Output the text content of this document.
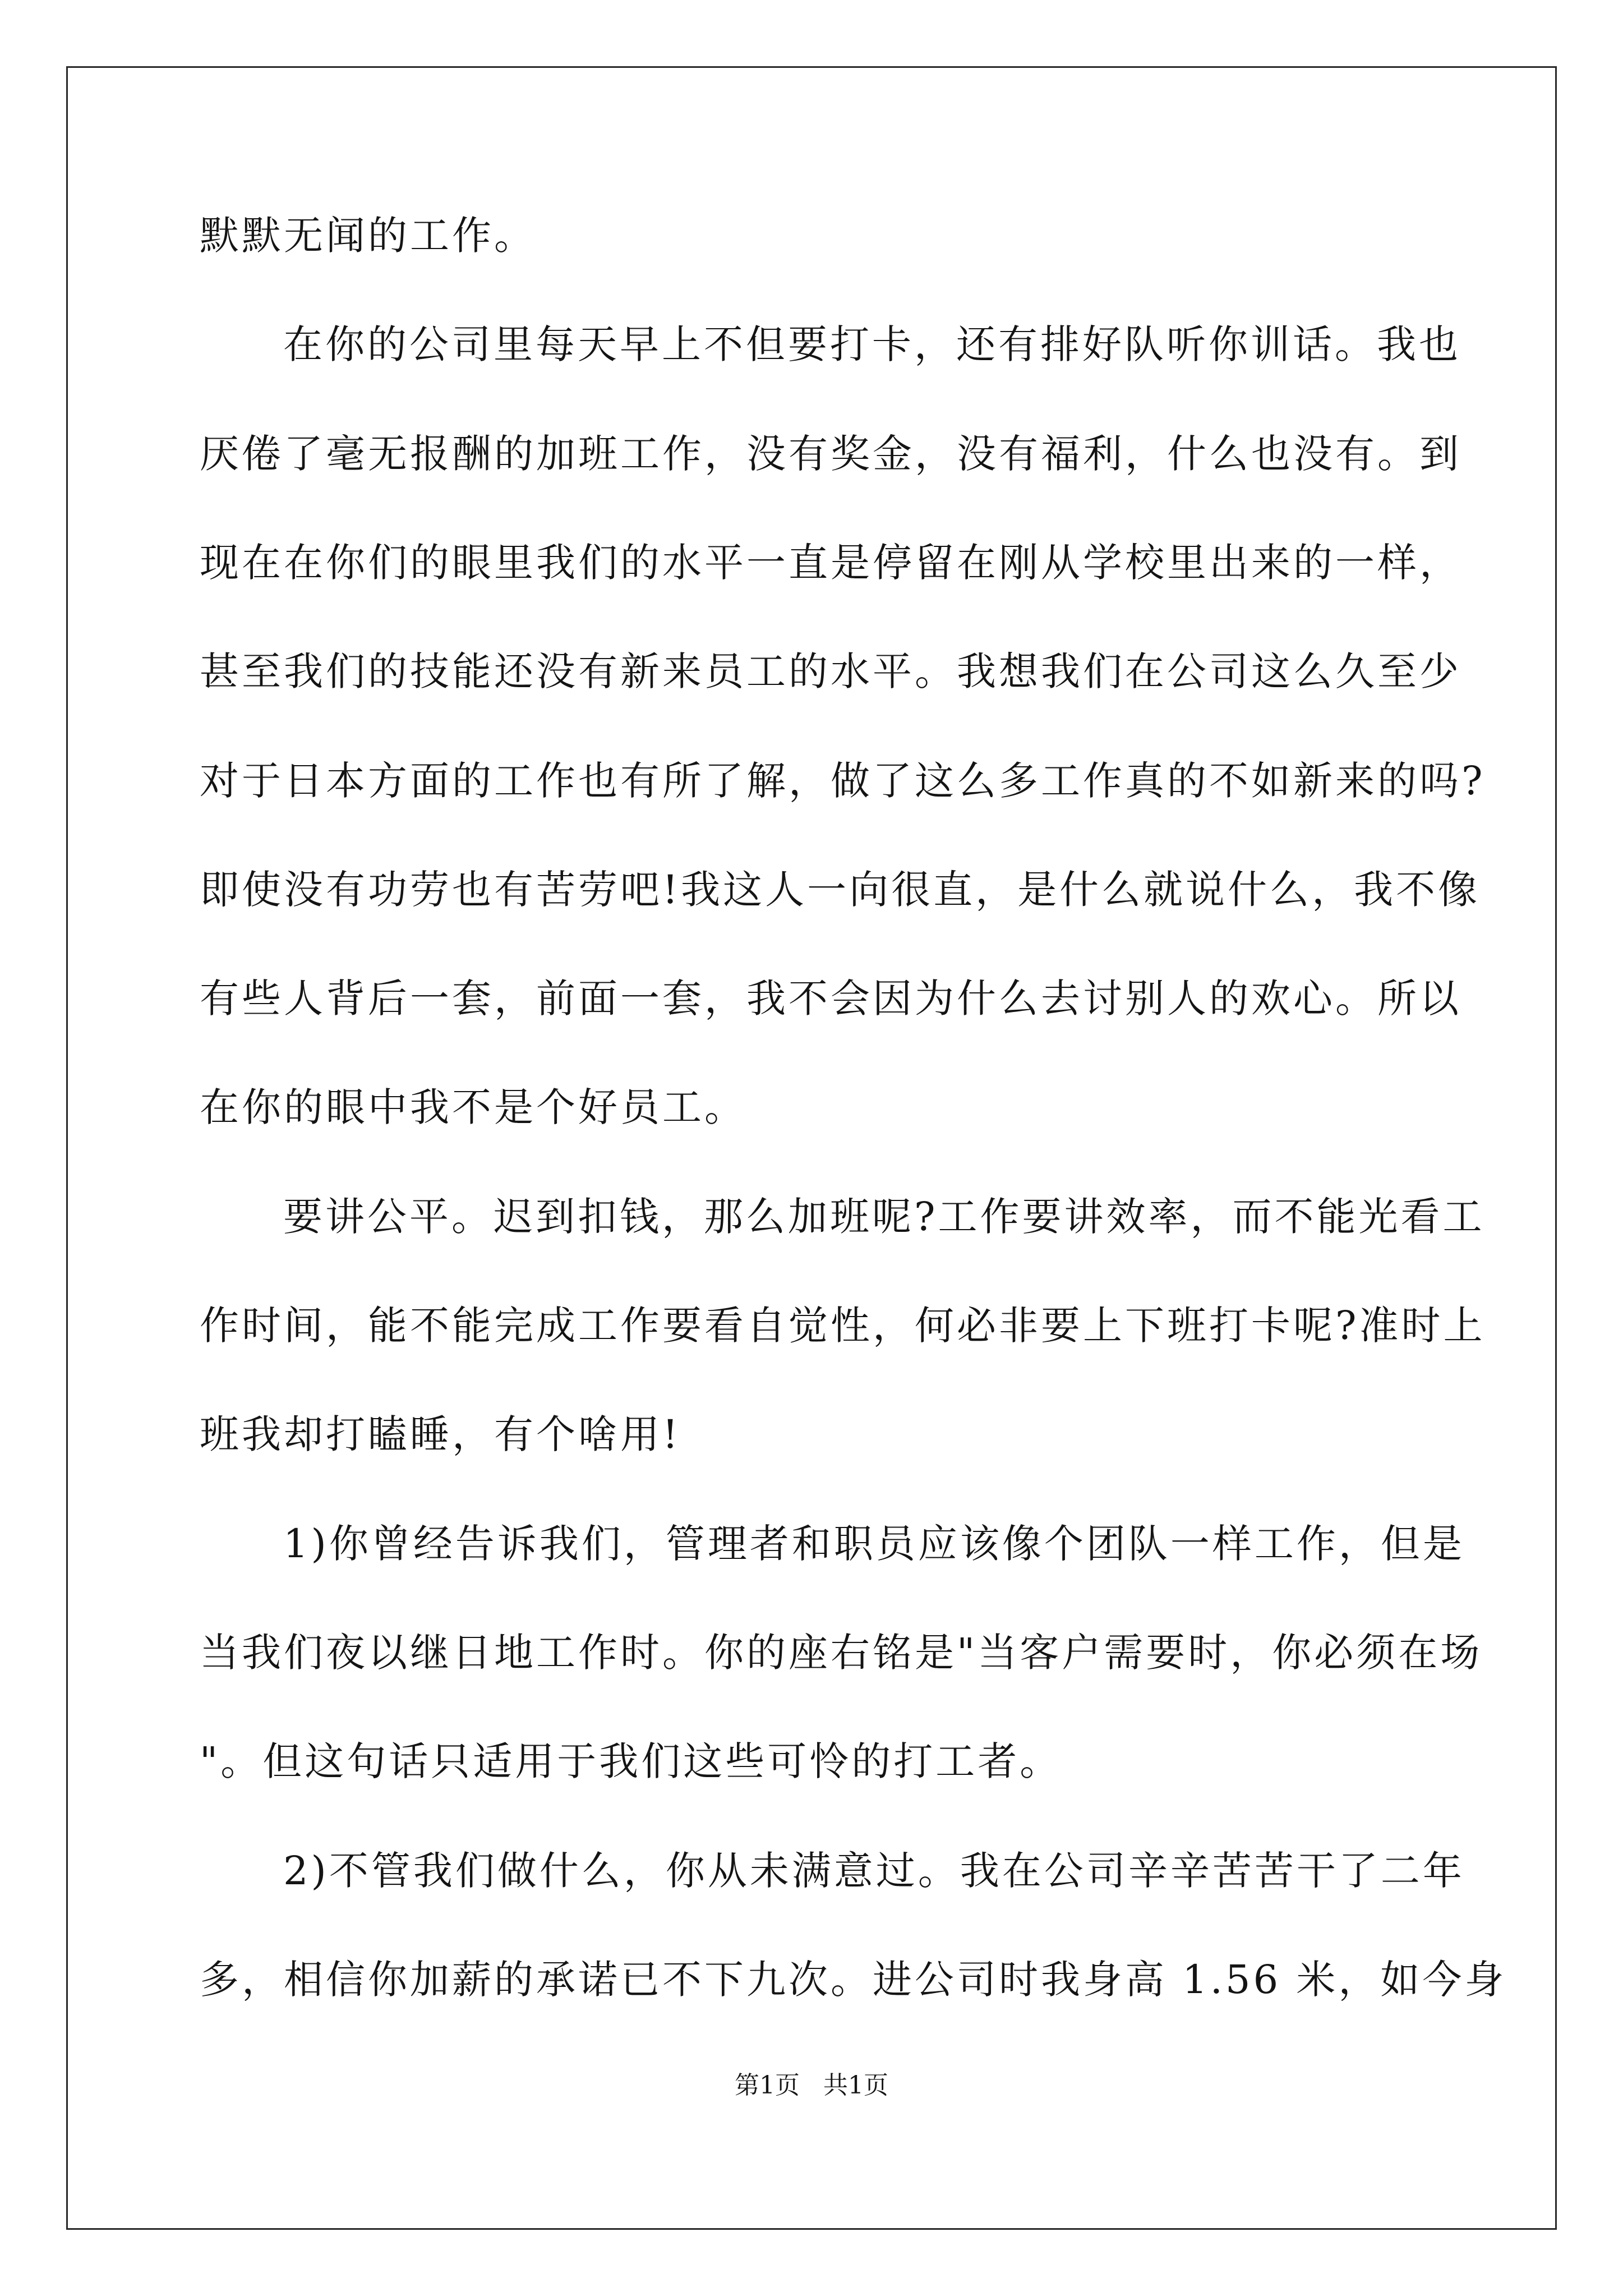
默默无闻的工作。
在你的公司里每天早上不但要打卡，还有排好队听你训话。我也
厌倦了毫无报酬的加班工作，没有奖金，没有福利，什么也没有。到
现在在你们的眼里我们的水平一直是停留在刚从学校里出来的一样，
甚至我们的技能还没有新来员工的水平。我想我们在公司这么久至少
对于日本方面的工作也有所了解，做了这么多工作真的不如新来的吗?
即使没有功劳也有苦劳吧!我这人一向很直，是什么就说什么，我不像
有些人背后一套，前面一套，我不会因为什么去讨别人的欢心。所以
在你的眼中我不是个好员工。
要讲公平。迟到扣钱，那么加班呢?工作要讲效率，而不能光看工
作时间，能不能完成工作要看自觉性，何必非要上下班打卡呢?准时上
班我却打瞌睡，有个啥用!
1)你曾经告诉我们，管理者和职员应该像个团队一样工作，但是
当我们夜以继日地工作时。你的座右铭是"当客户需要时，你必须在场
"。但这句话只适用于我们这些可怜的打工者。
2)不管我们做什么，你从未满意过。我在公司辛辛苦苦干了二年
多，相信你加薪的承诺已不下九次。进公司时我身高 1.56 米，如今身
第1页   共1页
